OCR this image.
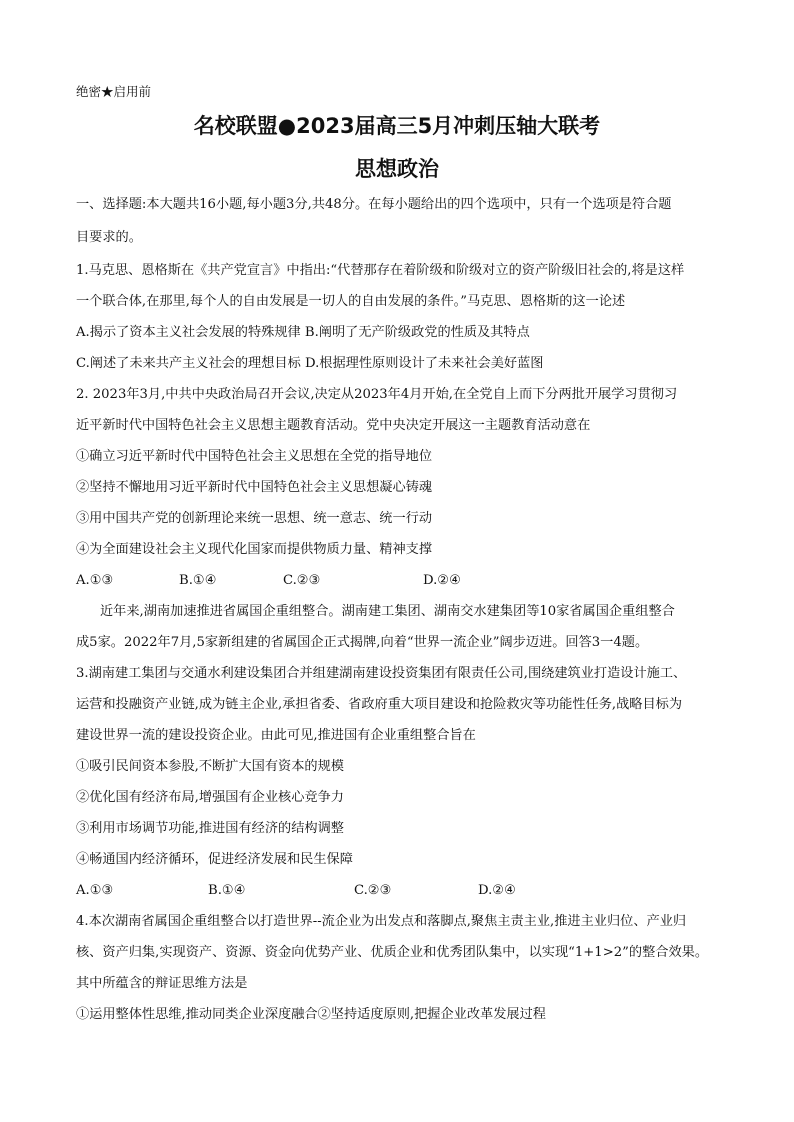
绝密★启用前
名校联盟●2023届高三5月冲刺压轴大联考
思想政治
一、选择题:本大题共16小题,每小题3分,共48分。在每小题给出的四个选项中，只有一个选项是符合题
目要求的。
1.马克思、恩格斯在《共产党宣言》中指出:“代替那存在着阶级和阶级对立的资产阶级旧社会的,将是这样
一个联合体,在那里,每个人的自由发展是一切人的自由发展的条件。”马克思、恩格斯的这一论述
A.揭示了资本主义社会发展的特殊规律 B.阐明了无产阶级政党的性质及其特点
C.阐述了未来共产主义社会的理想目标 D.根据理性原则设计了未来社会美好蓝图
2. 2023年3月,中共中央政治局召开会议,决定从2023年4月开始,在全党自上而下分两批开展学习贯彻习
近平新时代中国特色社会主义思想主题教育活动。党中央决定开展这一主题教育活动意在
①确立习近平新时代中国特色社会主义思想在全党的指导地位
②坚持不懈地用习近平新时代中国特色社会主义思想凝心铸魂
③用中国共产党的创新理论来统一思想、统一意志、统一行动
④为全面建设社会主义现代化国家而提供物质力量、精神支撑
A.①③	B.①④	C.②③	D.②④
近年来,湖南加速推进省属国企重组整合。湖南建工集团、湖南交水建集团等10家省属国企重组整合
成5家。2022年7月,5家新组建的省属国企正式揭牌,向着“世界一流企业”阔步迈进。回答3一4题。
3.湖南建工集团与交通水利建设集团合并组建湖南建设投资集团有限责任公司,围绕建筑业打造设计施工、
运营和投融资产业链,成为链主企业,承担省委、省政府重大项目建设和抢险救灾等功能性任务,战略目标为
建设世界一流的建设投资企业。由此可见,推进国有企业重组整合旨在
①吸引民间资本参股,不断扩大国有资本的规模
②优化国有经济布局,增强国有企业核心竞争力
③利用市场调节功能,推进国有经济的结构调整
④畅通国内经济循环，促进经济发展和民生保障
A.①③	B.①④	C.②③	D.②④
4.本次湖南省属国企重组整合以打造世界--流企业为出发点和落脚点,聚焦主责主业,推进主业归位、产业归
核、资产归集,实现资产、资源、资金向优势产业、优质企业和优秀团队集中，以实现“1+1>2”的整合效果。
其中所蕴含的辩证思维方法是
①运用整体性思维,推动同类企业深度融合②坚持适度原则,把握企业改革发展过程
